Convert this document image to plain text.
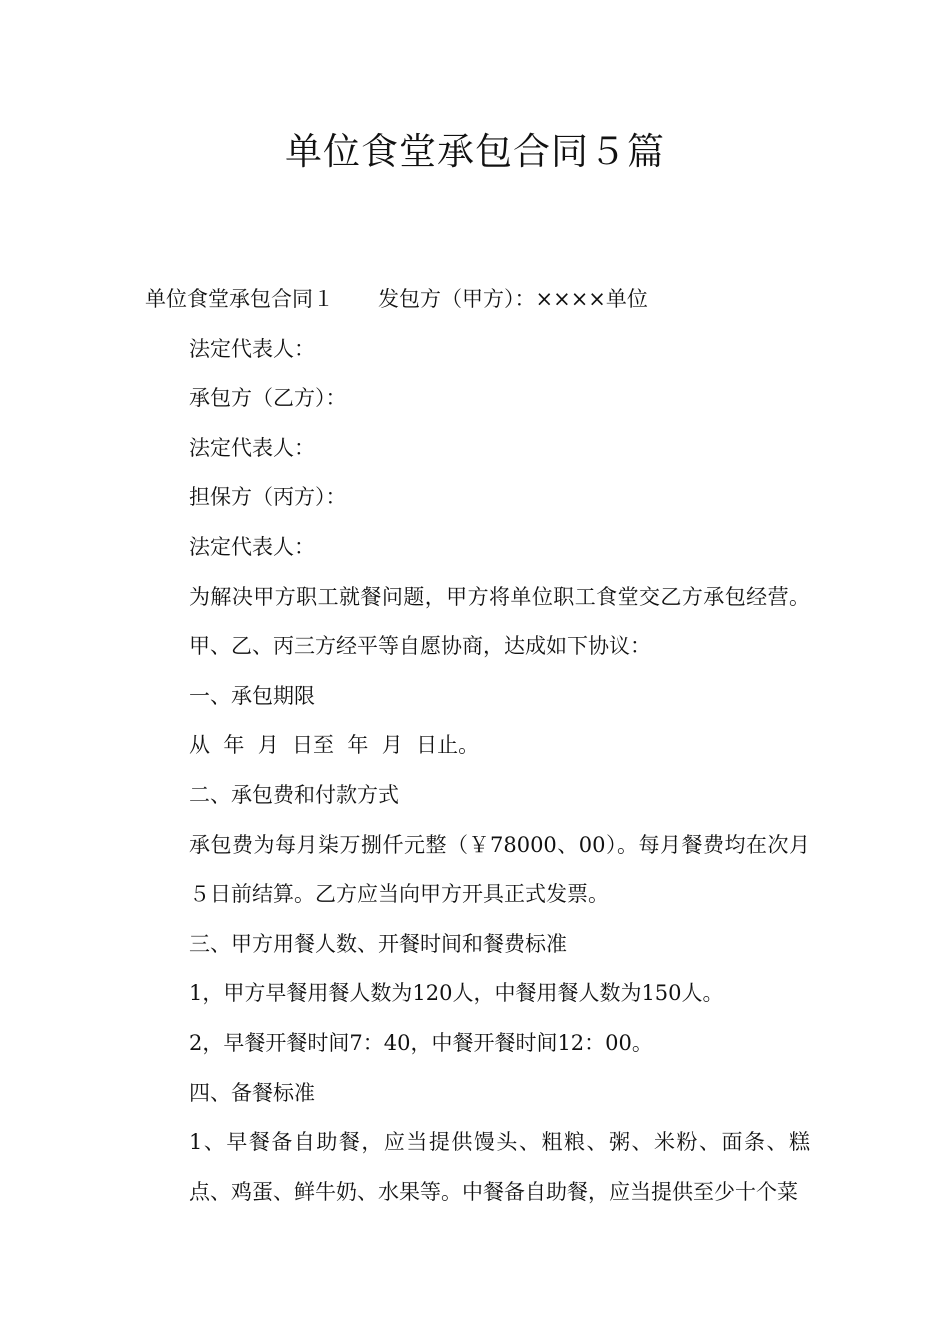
单位食堂承包合同５篇

单位食堂承包合同１ 发包方（甲方）：××××单位

法定代表人：

承包方（乙方）：

法定代表人：

担保方（丙方）：

法定代表人：

为解决甲方职工就餐问题，甲方将单位职工食堂交乙方承包经营。甲、乙、丙三方经平等自愿协商，达成如下协议：

一、承包期限

从  年  月  日至  年  月  日止。

二、承包费和付款方式

承包费为每月柒万捌仟元整（￥78000、00）。每月餐费均在次月５日前结算。乙方应当向甲方开具正式发票。

三、甲方用餐人数、开餐时间和餐费标准

1，甲方早餐用餐人数为120人，中餐用餐人数为150人。

2，早餐开餐时间7：40，中餐开餐时间12：00。

四、备餐标准

1、早餐备自助餐，应当提供馒头、粗粮、粥、米粉、面条、糕点、鸡蛋、鲜牛奶、水果等。中餐备自助餐，应当提供至少十个菜
